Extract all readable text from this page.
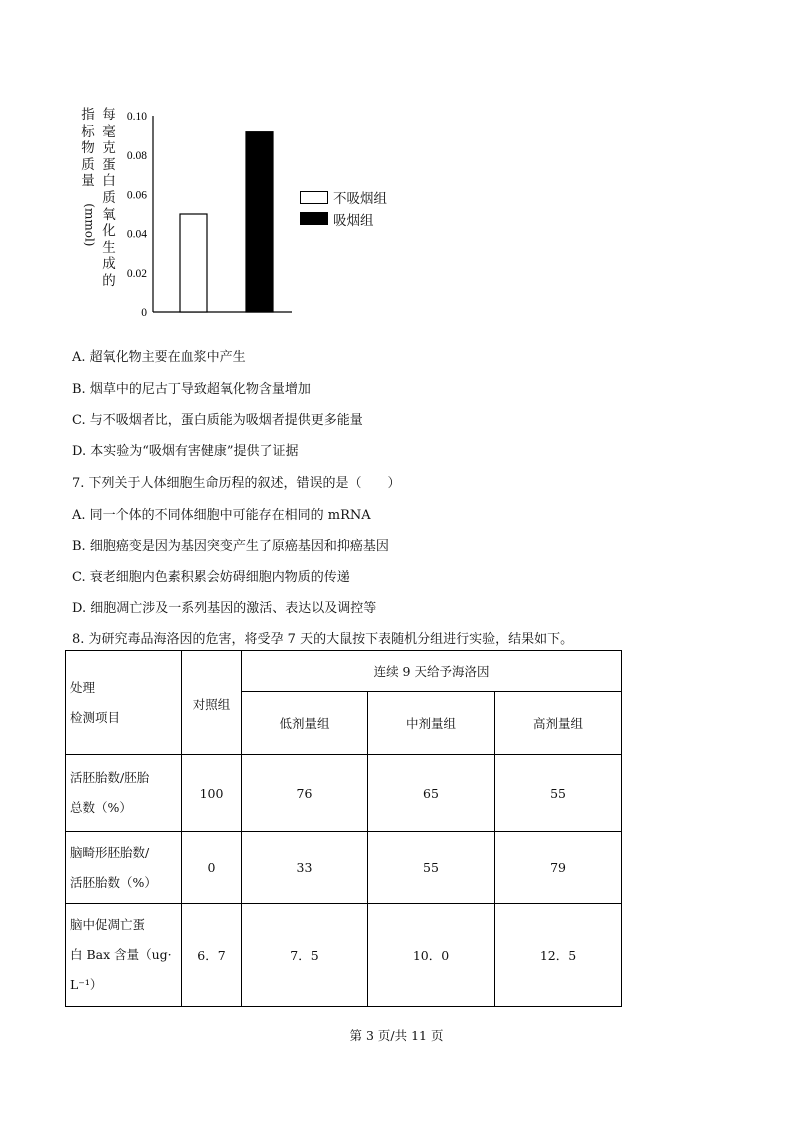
指
标
物
质
量
(mmol)
每
毫
克
蛋
白
质
氧
化
生
成
的
0.10
0.08
0.06
0.04
0.02
0
不吸烟组
吸烟组
A. 超氧化物主要在血浆中产生
B. 烟草中的尼古丁导致超氧化物含量增加
C. 与不吸烟者比，蛋白质能为吸烟者提供更多能量
D. 本实验为“吸烟有害健康”提供了证据
7. 下列关于人体细胞生命历程的叙述，错误的是（　　）
A. 同一个体的不同体细胞中可能存在相同的 mRNA
B. 细胞癌变是因为基因突变产生了原癌基因和抑癌基因
C. 衰老细胞内色素积累会妨碍细胞内物质的传递
D. 细胞凋亡涉及一系列基因的激活、表达以及调控等
8. 为研究毒品海洛因的危害，将受孕 7 天的大鼠按下表随机分组进行实验，结果如下。
处理
检测项目	对照组	连续 9 天给予海洛因		
		低剂量组	中剂量组	高剂量组

活胚胎数/胚胎
总数（%）	100	76	65	55

脑畸形胚胎数/
活胚胎数（%）	0	33	55	79

脑中促凋亡蛋
白 Bax 含量（ug·
L⁻¹）	6．7	7．5	10．0	12．5
第 3 页/共 11 页
